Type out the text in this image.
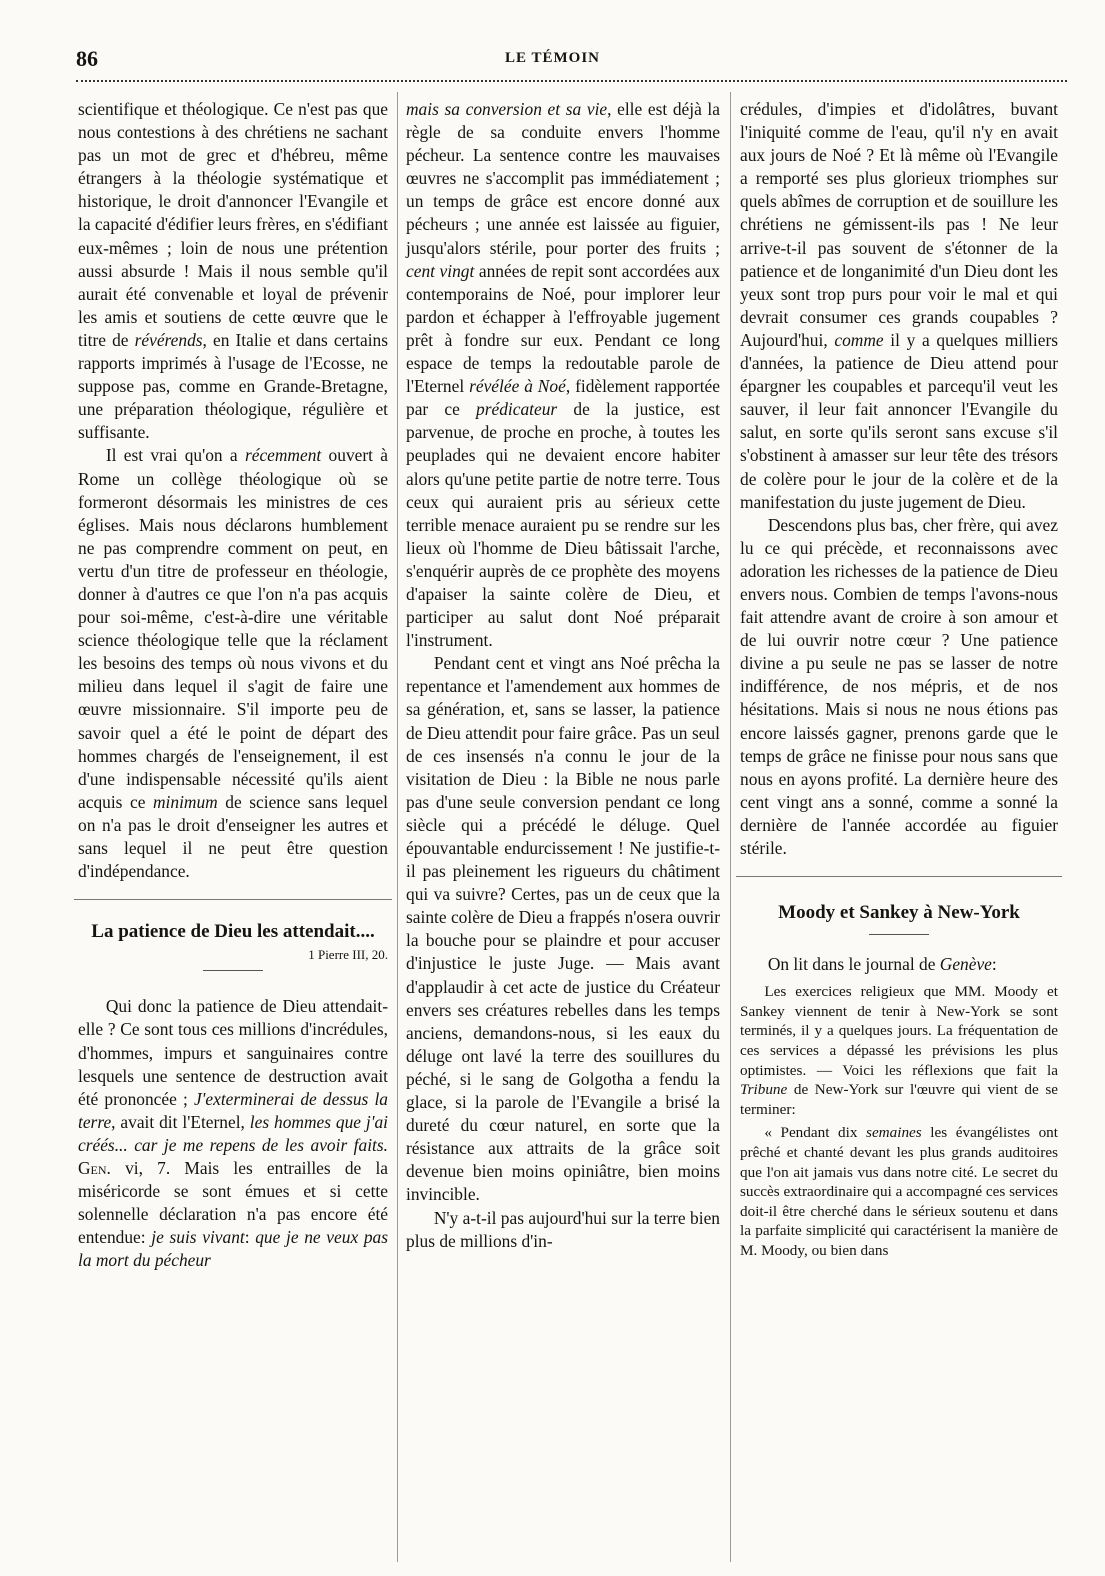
86	LE TÉMOIN

scientifique et théologique. Ce n'est pas que nous contestions à des chrétiens ne sachant pas un mot de grec et d'hébreu, même étrangers à la théologie systématique et historique, le droit d'annoncer l'Evangile et la capacité d'édifier leurs frères, en s'édifiant eux-mêmes ; loin de nous une prétention aussi absurde ! Mais il nous semble qu'il aurait été convenable et loyal de prévenir les amis et soutiens de cette œuvre que le titre de révérends, en Italie et dans certains rapports imprimés à l'usage de l'Ecosse, ne suppose pas, comme en Grande-Bretagne, une préparation théologique, régulière et suffisante.

Il est vrai qu'on a récemment ouvert à Rome un collège théologique où se formeront désormais les ministres de ces églises. Mais nous déclarons humblement ne pas comprendre comment on peut, en vertu d'un titre de professeur en théologie, donner à d'autres ce que l'on n'a pas acquis pour soi-même, c'est-à-dire une véritable science théologique telle que la réclament les besoins des temps où nous vivons et du milieu dans lequel il s'agit de faire une œuvre missionnaire. S'il importe peu de savoir quel a été le point de départ des hommes chargés de l'enseignement, il est d'une indispensable nécessité qu'ils aient acquis ce minimum de science sans lequel on n'a pas le droit d'enseigner les autres et sans lequel il ne peut être question d'indépendance.

La patience de Dieu les attendait....

1 Pierre III, 20.

Qui donc la patience de Dieu attendait-elle ? Ce sont tous ces millions d'incrédules, d'hommes, impurs et sanguinaires contre lesquels une sentence de destruction avait été prononcée ; J'exterminerai de dessus la terre, avait dit l'Eternel, les hommes que j'ai créés... car je me repens de les avoir faits. Gen. vi, 7. Mais les entrailles de la miséricorde se sont émues et si cette solennelle déclaration n'a pas encore été entendue: je suis vivant: que je ne veux pas la mort du pécheur

mais sa conversion et sa vie, elle est déjà la règle de sa conduite envers l'homme pécheur. La sentence contre les mauvaises œuvres ne s'accomplit pas immédiatement ; un temps de grâce est encore donné aux pécheurs ; une année est laissée au figuier, jusqu'alors stérile, pour porter des fruits ; cent vingt années de repit sont accordées aux contemporains de Noé, pour implorer leur pardon et échapper à l'effroyable jugement prêt à fondre sur eux. Pendant ce long espace de temps la redoutable parole de l'Eternel révélée à Noé, fidèlement rapportée par ce prédicateur de la justice, est parvenue, de proche en proche, à toutes les peuplades qui ne devaient encore habiter alors qu'une petite partie de notre terre. Tous ceux qui auraient pris au sérieux cette terrible menace auraient pu se rendre sur les lieux où l'homme de Dieu bâtissait l'arche, s'enquérir auprès de ce prophète des moyens d'apaiser la sainte colère de Dieu, et participer au salut dont Noé préparait l'instrument.

Pendant cent et vingt ans Noé prêcha la repentance et l'amendement aux hommes de sa génération, et, sans se lasser, la patience de Dieu attendit pour faire grâce. Pas un seul de ces insensés n'a connu le jour de la visitation de Dieu : la Bible ne nous parle pas d'une seule conversion pendant ce long siècle qui a précédé le déluge. Quel épouvantable endurcissement ! Ne justifie-t-il pas pleinement les rigueurs du châtiment qui va suivre? Certes, pas un de ceux que la sainte colère de Dieu a frappés n'osera ouvrir la bouche pour se plaindre et pour accuser d'injustice le juste Juge. — Mais avant d'applaudir à cet acte de justice du Créateur envers ses créatures rebelles dans les temps anciens, demandons-nous, si les eaux du déluge ont lavé la terre des souillures du péché, si le sang de Golgotha a fendu la glace, si la parole de l'Evangile a brisé la dureté du cœur naturel, en sorte que la résistance aux attraits de la grâce soit devenue bien moins opiniâtre, bien moins invincible.

N'y a-t-il pas aujourd'hui sur la terre bien plus de millions d'in-

crédules, d'impies et d'idolâtres, buvant l'iniquité comme de l'eau, qu'il n'y en avait aux jours de Noé ? Et là même où l'Evangile a remporté ses plus glorieux triomphes sur quels abîmes de corruption et de souillure les chrétiens ne gémissent-ils pas ! Ne leur arrive-t-il pas souvent de s'étonner de la patience et de longanimité d'un Dieu dont les yeux sont trop purs pour voir le mal et qui devrait consumer ces grands coupables ? Aujourd'hui, comme il y a quelques milliers d'années, la patience de Dieu attend pour épargner les coupables et parcequ'il veut les sauver, il leur fait annoncer l'Evangile du salut, en sorte qu'ils seront sans excuse s'il s'obstinent à amasser sur leur tête des trésors de colère pour le jour de la colère et de la manifestation du juste jugement de Dieu.

Descendons plus bas, cher frère, qui avez lu ce qui précède, et reconnaissons avec adoration les richesses de la patience de Dieu envers nous. Combien de temps l'avons-nous fait attendre avant de croire à son amour et de lui ouvrir notre cœur ? Une patience divine a pu seule ne pas se lasser de notre indifférence, de nos mépris, et de nos hésitations. Mais si nous ne nous étions pas encore laissés gagner, prenons garde que le temps de grâce ne finisse pour nous sans que nous en ayons profité. La dernière heure des cent vingt ans a sonné, comme a sonné la dernière de l'année accordée au figuier stérile.

Moody et Sankey à New-York

On lit dans le journal de Genève:

Les exercices religieux que MM. Moody et Sankey viennent de tenir à New-York se sont terminés, il y a quelques jours. La fréquentation de ces services a dépassé les prévisions les plus optimistes. — Voici les réflexions que fait la Tribune de New-York sur l'œuvre qui vient de se terminer:

« Pendant dix semaines les évangélistes ont prêché et chanté devant les plus grands auditoires que l'on ait jamais vus dans notre cité. Le secret du succès extraordinaire qui a accompagné ces services doit-il être cherché dans le sérieux soutenu et dans la parfaite simplicité qui caractérisent la manière de M. Moody, ou bien dans
